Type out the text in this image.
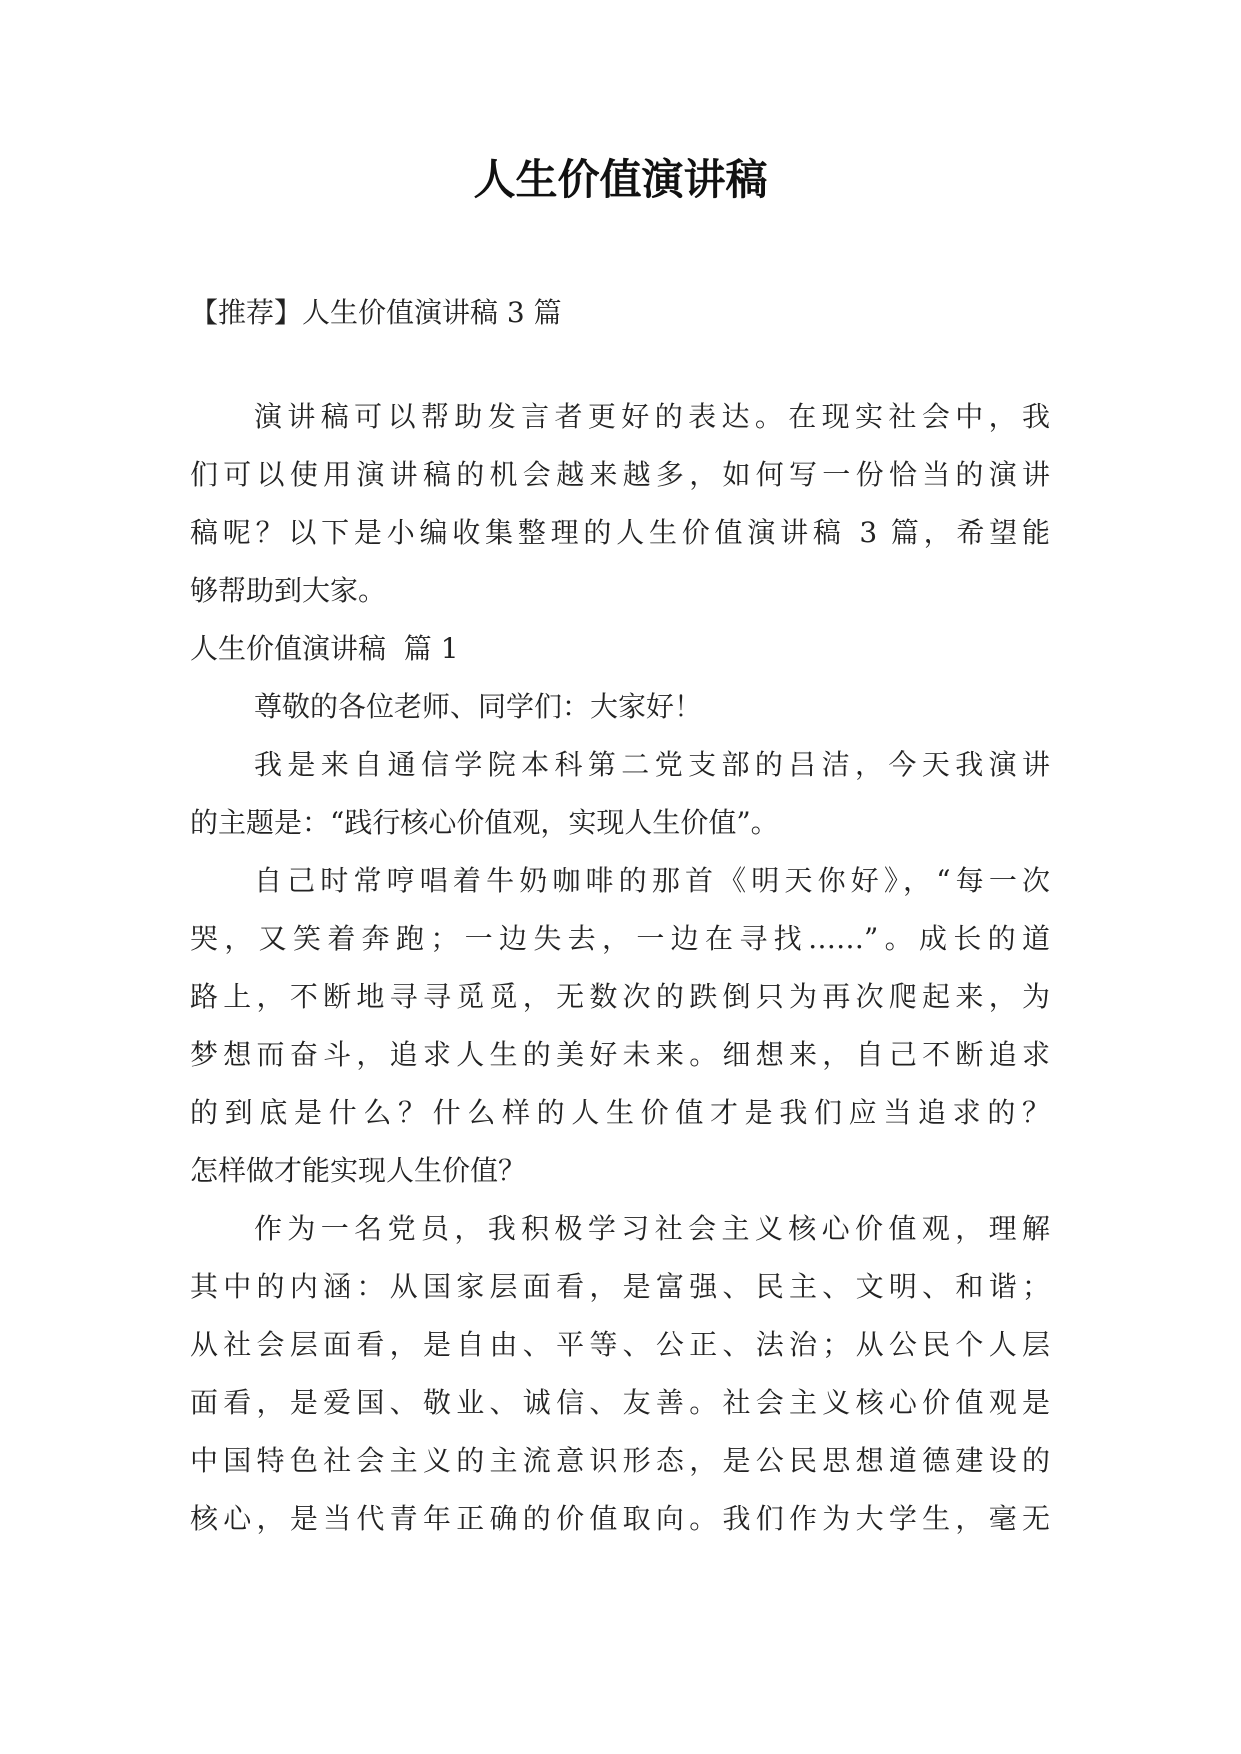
人生价值演讲稿
【推荐】人生价值演讲稿 3 篇
演讲稿可以帮助发言者更好的表达。在现实社会中，我
们可以使用演讲稿的机会越来越多，如何写一份恰当的演讲
稿呢？以下是小编收集整理的人生价值演讲稿 3 篇，希望能
够帮助到大家。
人生价值演讲稿  篇 1
尊敬的各位老师、同学们：大家好！
我是来自通信学院本科第二党支部的吕洁，今天我演讲
的主题是：“践行核心价值观，实现人生价值”。
自己时常哼唱着牛奶咖啡的那首《明天你好》，“每一次
哭，又笑着奔跑；一边失去，一边在寻找……”。成长的道
路上，不断地寻寻觅觅，无数次的跌倒只为再次爬起来，为
梦想而奋斗，追求人生的美好未来。细想来，自己不断追求
的到底是什么？什么样的人生价值才是我们应当追求的？
怎样做才能实现人生价值？
作为一名党员，我积极学习社会主义核心价值观，理解
其中的内涵：从国家层面看，是富强、民主、文明、和谐；
从社会层面看，是自由、平等、公正、法治；从公民个人层
面看，是爱国、敬业、诚信、友善。社会主义核心价值观是
中国特色社会主义的主流意识形态，是公民思想道德建设的
核心，是当代青年正确的价值取向。我们作为大学生，毫无
